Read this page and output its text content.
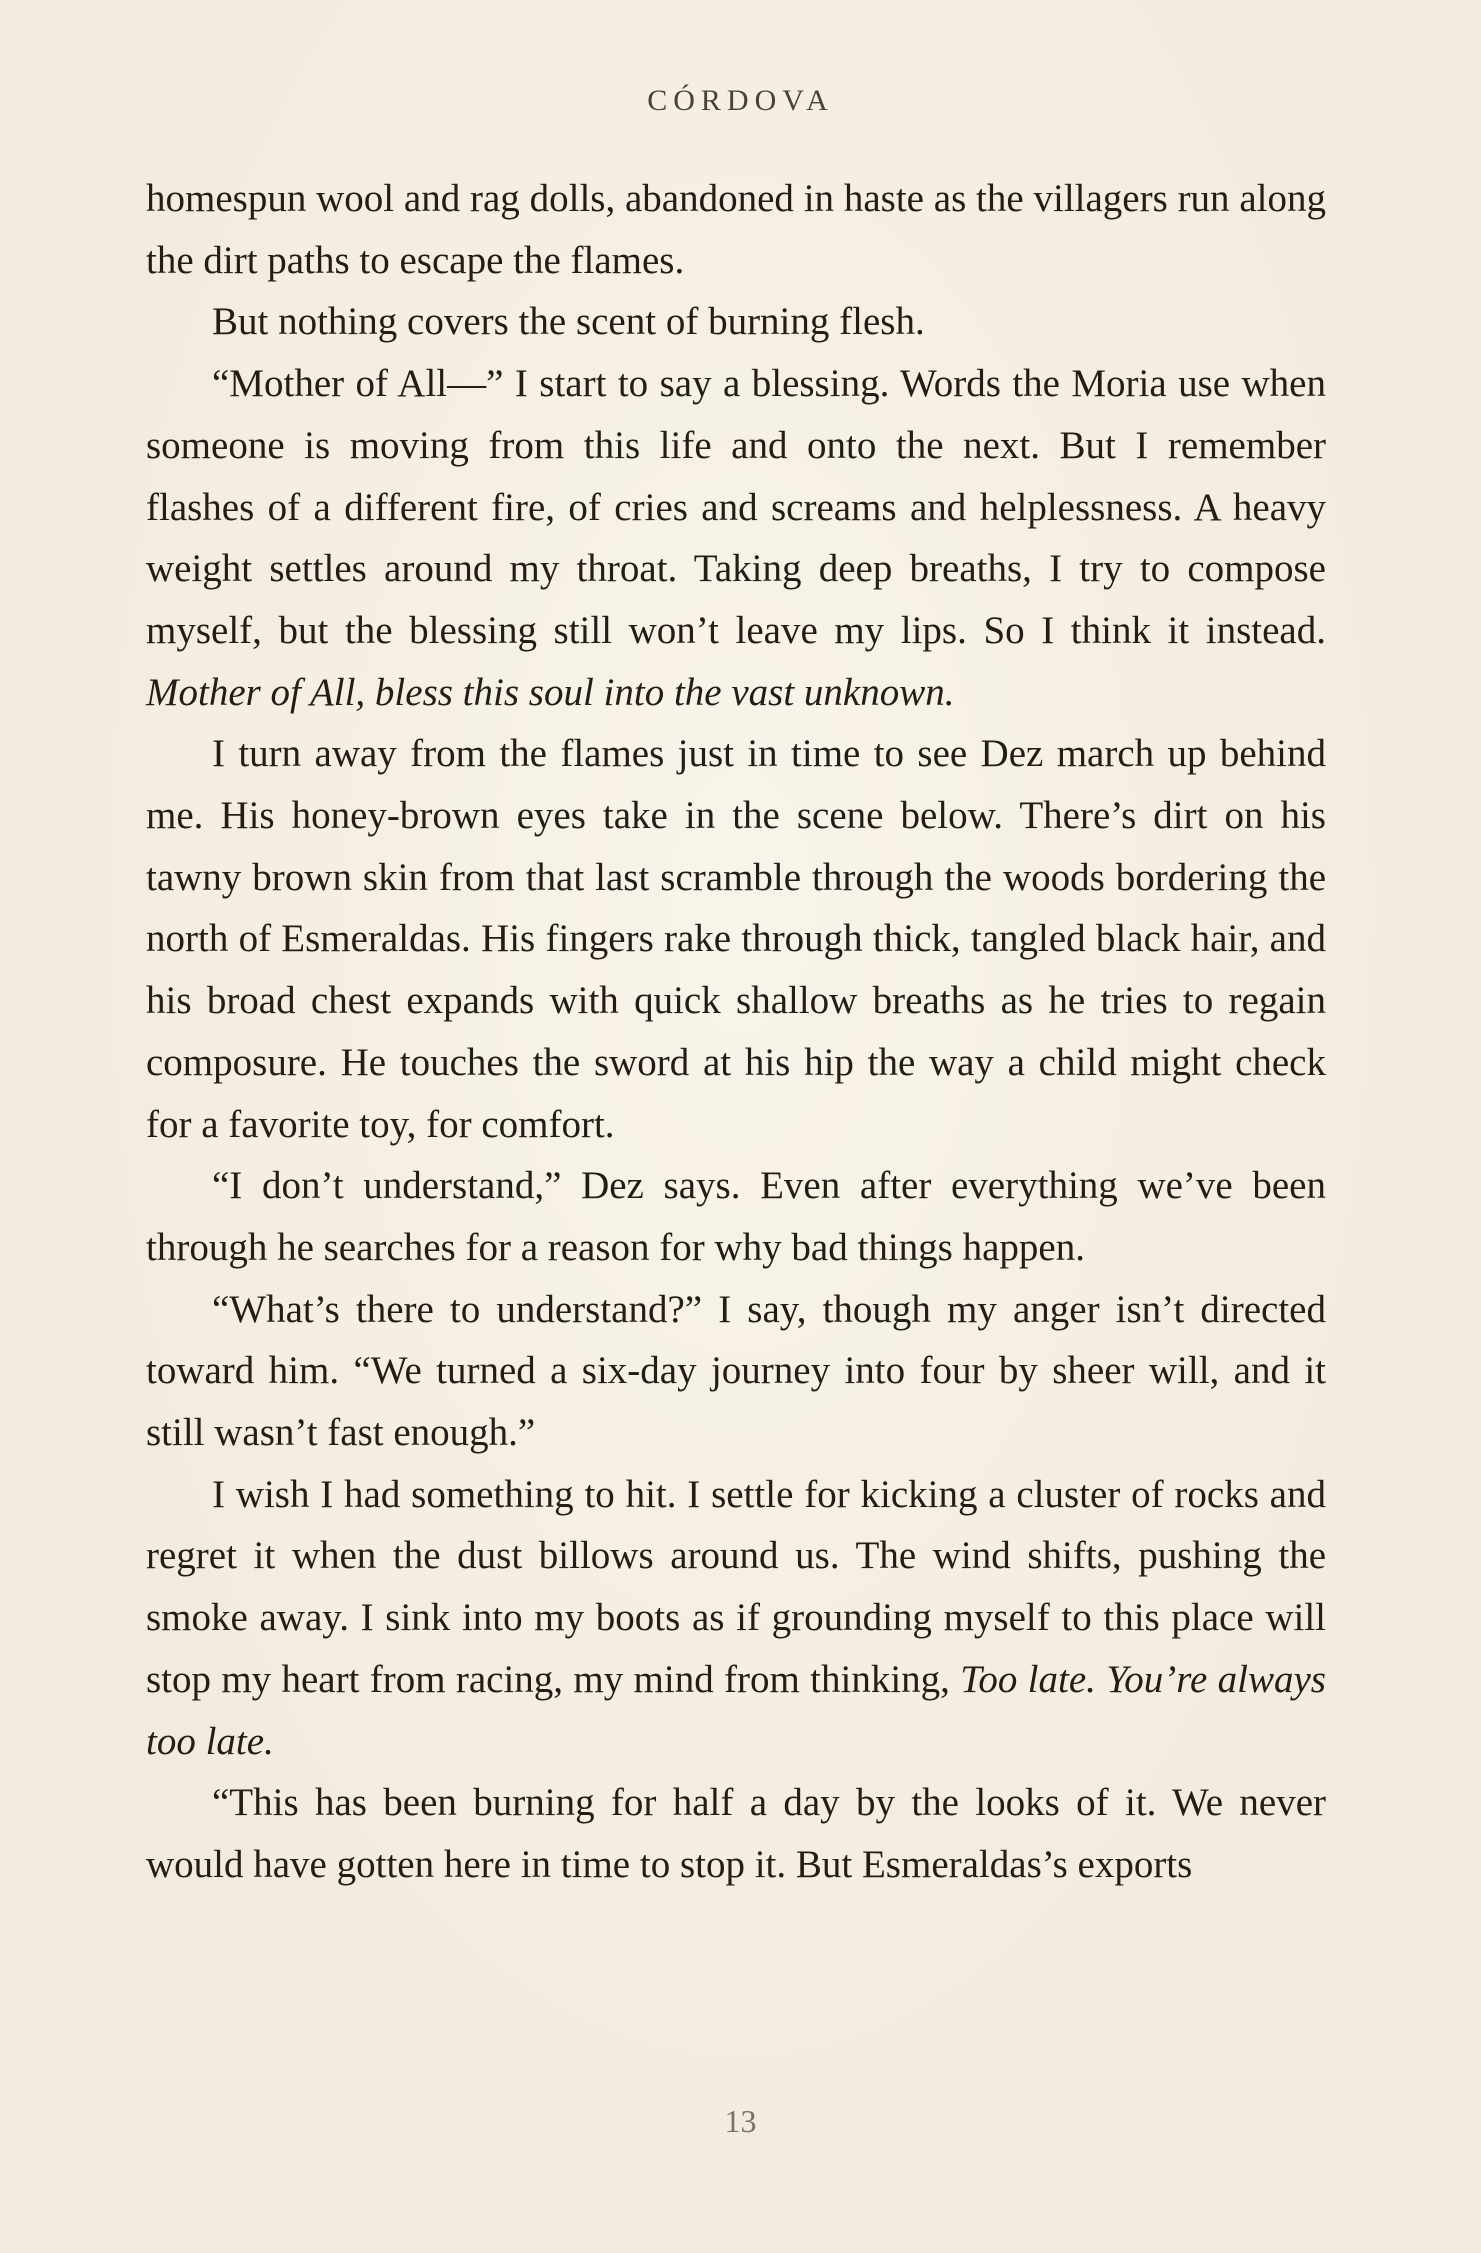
CÓRDOVA

homespun wool and rag dolls, abandoned in haste as the villagers run along the dirt paths to escape the flames.

But nothing covers the scent of burning flesh.

“Mother of All—” I start to say a blessing. Words the Moria use when someone is moving from this life and onto the next. But I remember flashes of a different fire, of cries and screams and helplessness. A heavy weight settles around my throat. Taking deep breaths, I try to compose myself, but the blessing still won’t leave my lips. So I think it instead. Mother of All, bless this soul into the vast unknown.

I turn away from the flames just in time to see Dez march up behind me. His honey-brown eyes take in the scene below. There’s dirt on his tawny brown skin from that last scramble through the woods bordering the north of Esmeraldas. His fingers rake through thick, tangled black hair, and his broad chest expands with quick shallow breaths as he tries to regain composure. He touches the sword at his hip the way a child might check for a favorite toy, for comfort.

“I don’t understand,” Dez says. Even after everything we’ve been through he searches for a reason for why bad things happen.

“What’s there to understand?” I say, though my anger isn’t directed toward him. “We turned a six-day journey into four by sheer will, and it still wasn’t fast enough.”

I wish I had something to hit. I settle for kicking a cluster of rocks and regret it when the dust billows around us. The wind shifts, pushing the smoke away. I sink into my boots as if grounding myself to this place will stop my heart from racing, my mind from thinking, Too late. You’re always too late.

“This has been burning for half a day by the looks of it. We never would have gotten here in time to stop it. But Esmeraldas’s exports

13
